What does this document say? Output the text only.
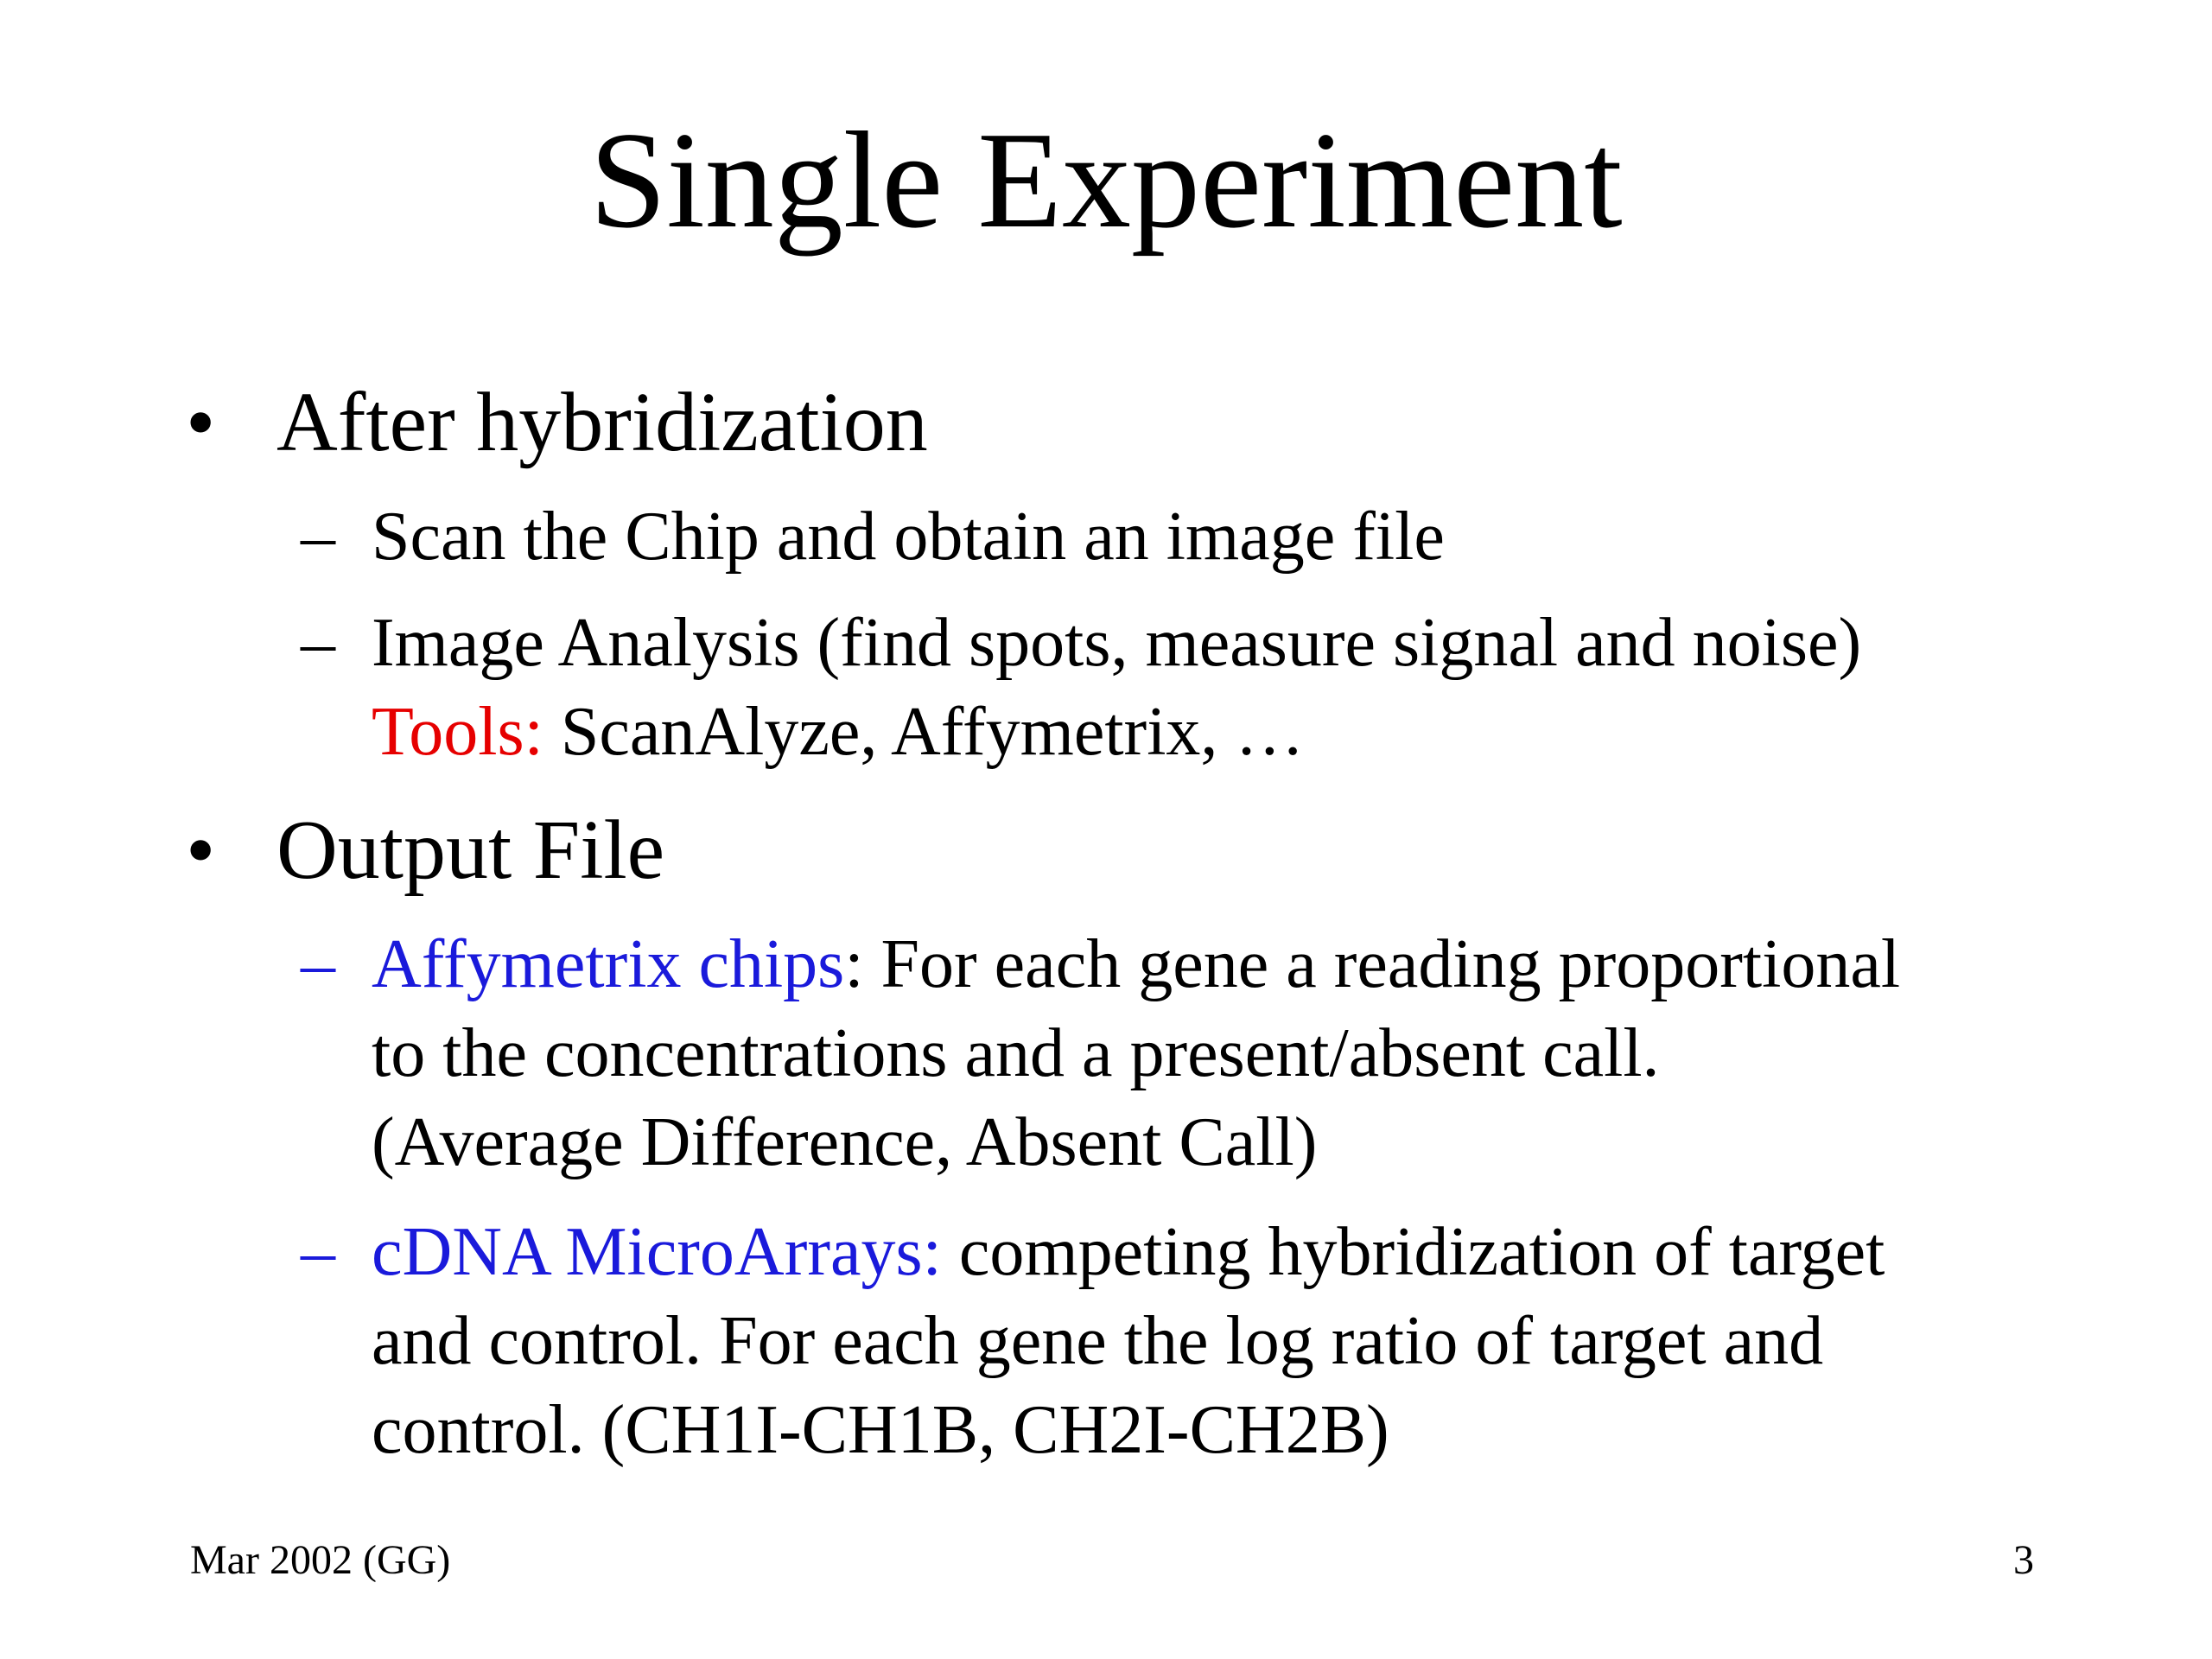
Single Experiment
• After hybridization
– Scan the Chip and obtain an image file
– Image Analysis (find spots, measure signal and noise)
Tools: ScanAlyze, Affymetrix, …
• Output File
– Affymetrix chips: For each gene a reading proportional
to the concentrations and a present/absent call.
(Average Difference, Absent Call)
– cDNA MicroArrays: competing hybridization of target
and control. For each gene the log ratio of target and
control. (CH1I-CH1B, CH2I-CH2B)
Mar 2002 (GG)	3
